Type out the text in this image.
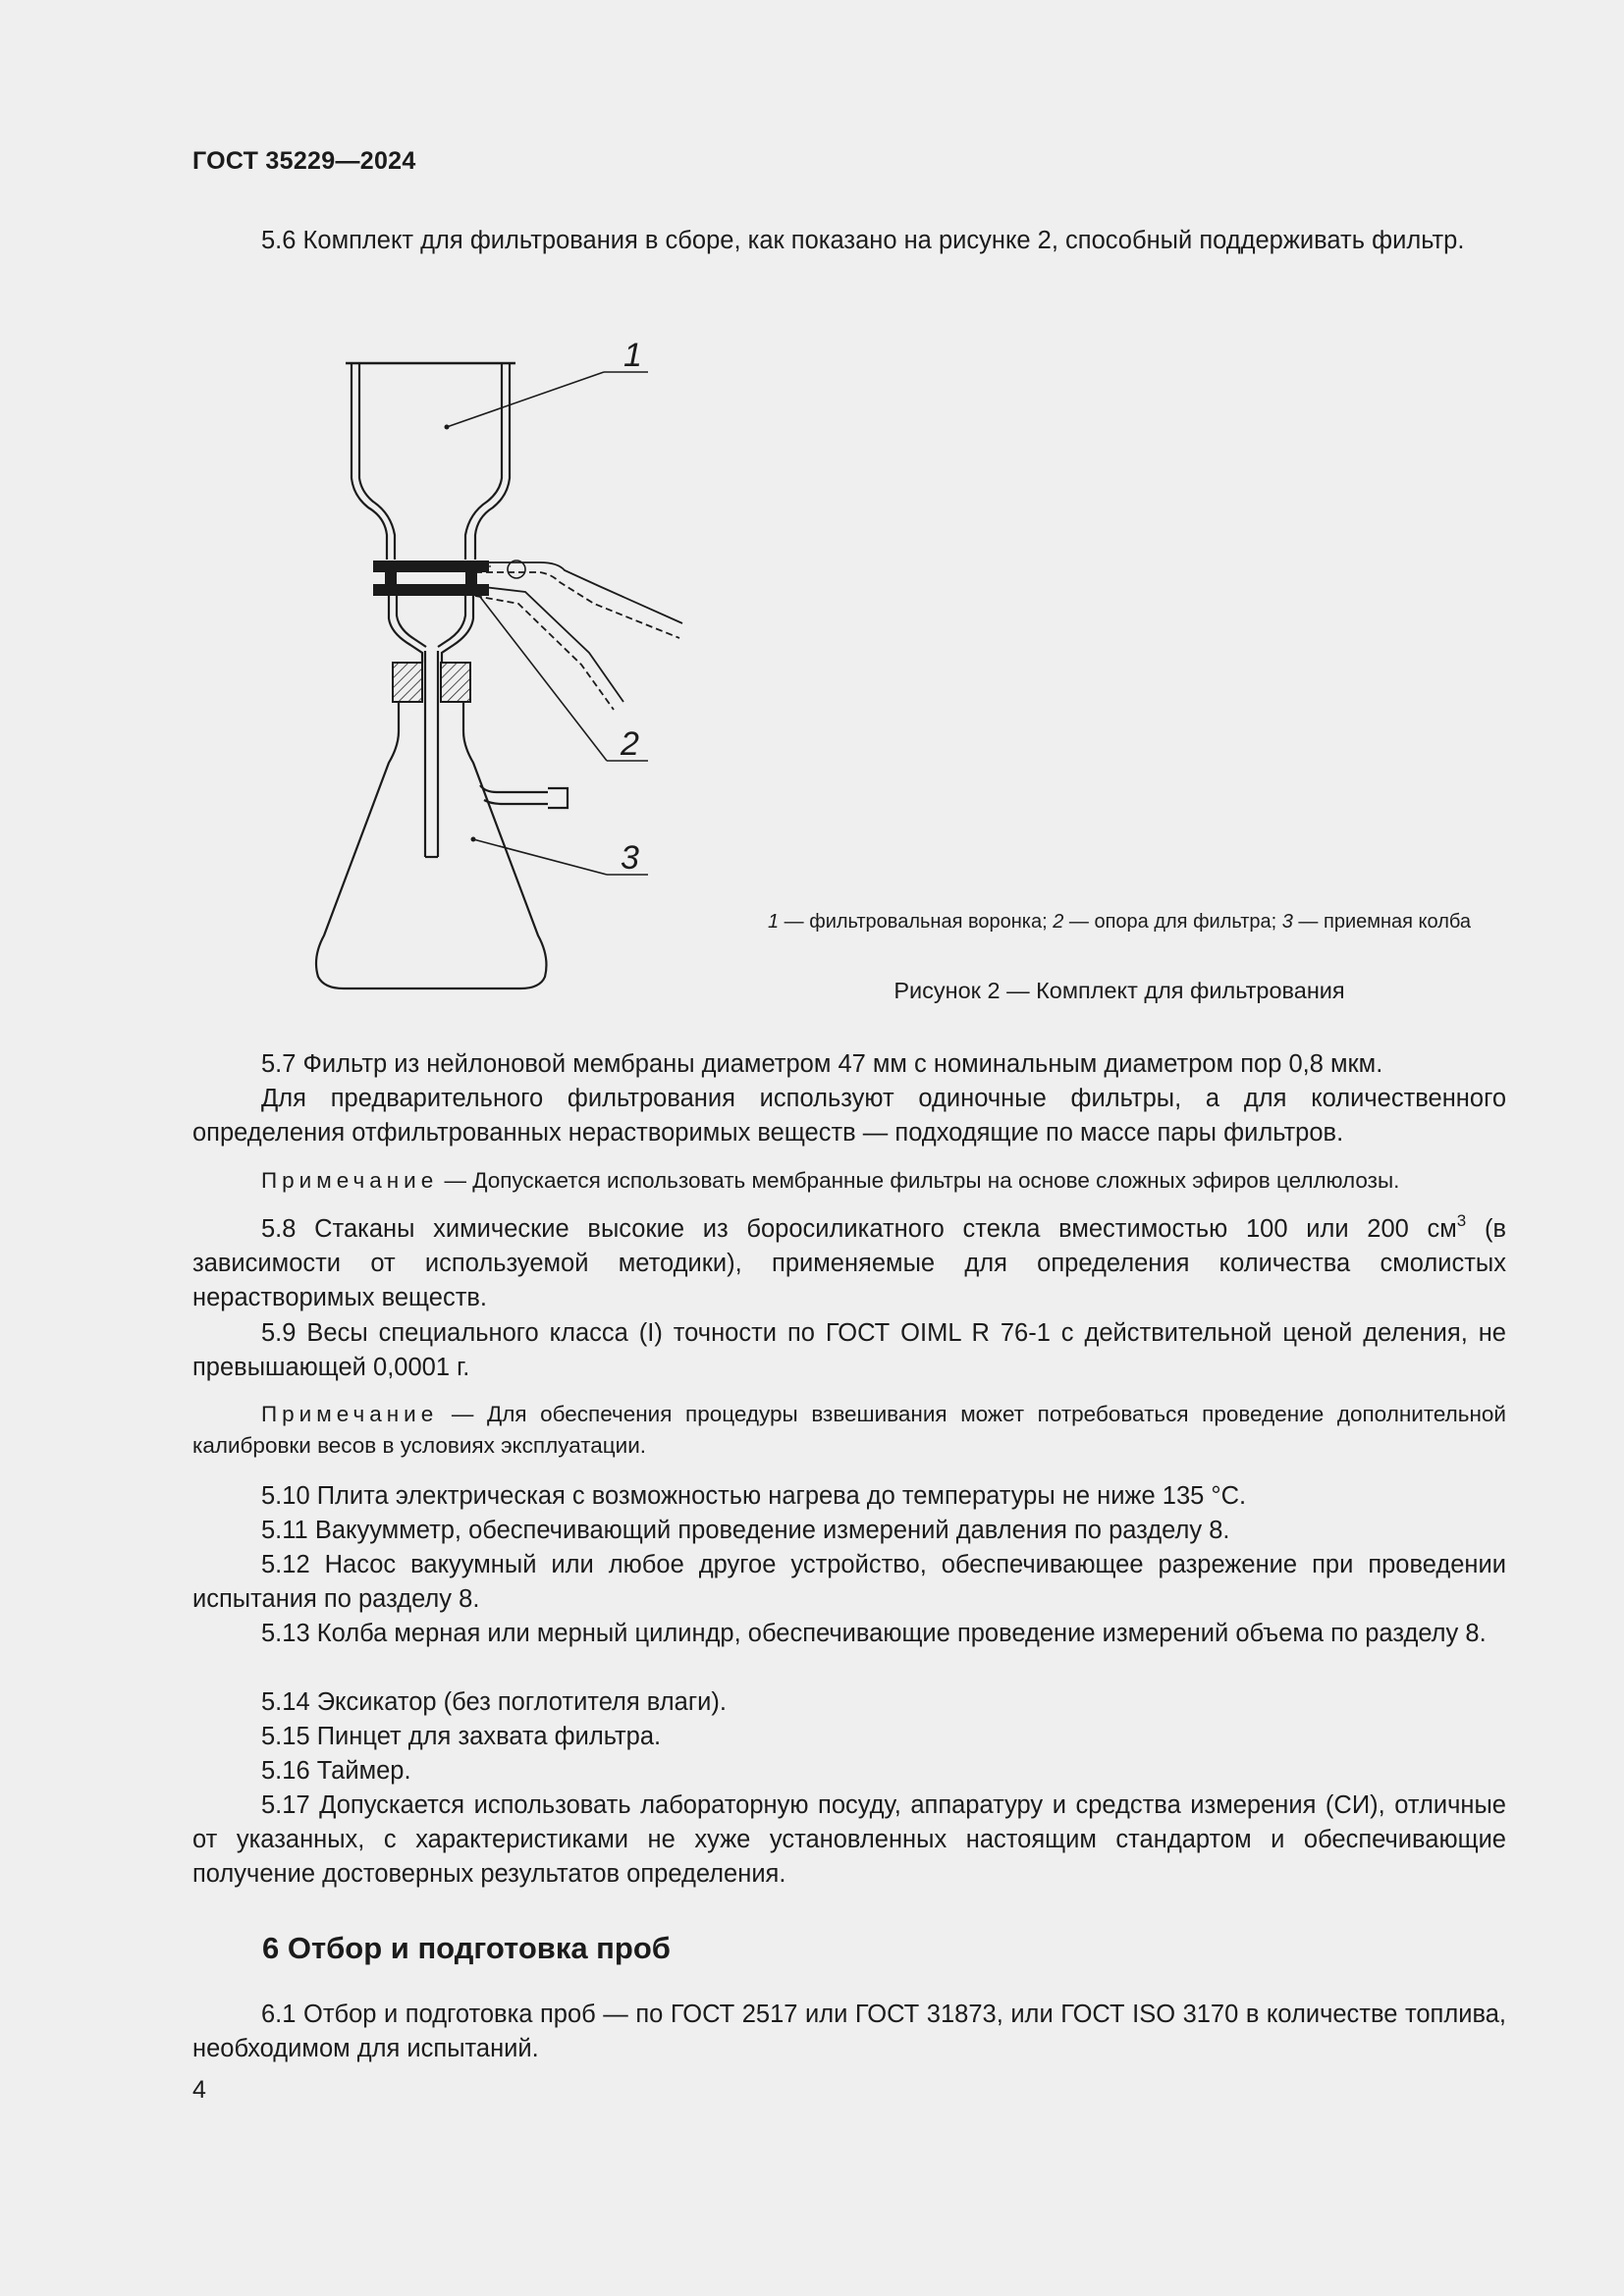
ГОСТ 35229—2024

5.6 Комплект для фильтрования в сборе, как показано на рисунке 2, способный поддерживать фильтр.

1
2
3
1 — фильтровальная воронка; 2 — опора для фильтра; 3 — приемная колба
Рисунок 2 — Комплект для фильтрования

5.7 Фильтр из нейлоновой мембраны диаметром 47 мм с номинальным диаметром пор 0,8 мкм.

Для предварительного фильтрования используют одиночные фильтры, а для количественного определения отфильтрованных нерастворимых веществ — подходящие по массе пары фильтров.

Примечание — Допускается использовать мембранные фильтры на основе сложных эфиров целлюлозы.

5.8 Стаканы химические высокие из боросиликатного стекла вместимостью 100 или 200 $см^3$ (в зависимости от используемой методики), применяемые для определения количества смолистых нерастворимых веществ.

5.9 Весы специального класса (I) точности по ГОСТ OIML R 76-1 с действительной ценой деления, не превышающей 0,0001 г.

Примечание — Для обеспечения процедуры взвешивания может потребоваться проведение дополнительной калибровки весов в условиях эксплуатации.

5.10 Плита электрическая с возможностью нагрева до температуры не ниже 135 °С.

5.11 Вакуумметр, обеспечивающий проведение измерений давления по разделу 8.

5.12 Насос вакуумный или любое другое устройство, обеспечивающее разрежение при проведении испытания по разделу 8.

5.13 Колба мерная или мерный цилиндр, обеспечивающие проведение измерений объема по разделу 8.

5.14 Эксикатор (без поглотителя влаги).

5.15 Пинцет для захвата фильтра.

5.16 Таймер.

5.17 Допускается использовать лабораторную посуду, аппаратуру и средства измерения (СИ), отличные от указанных, с характеристиками не хуже установленных настоящим стандартом и обеспечивающие получение достоверных результатов определения.

6 Отбор и подготовка проб

6.1 Отбор и подготовка проб — по ГОСТ 2517 или ГОСТ 31873, или ГОСТ ISO 3170 в количестве топлива, необходимом для испытаний.

4
